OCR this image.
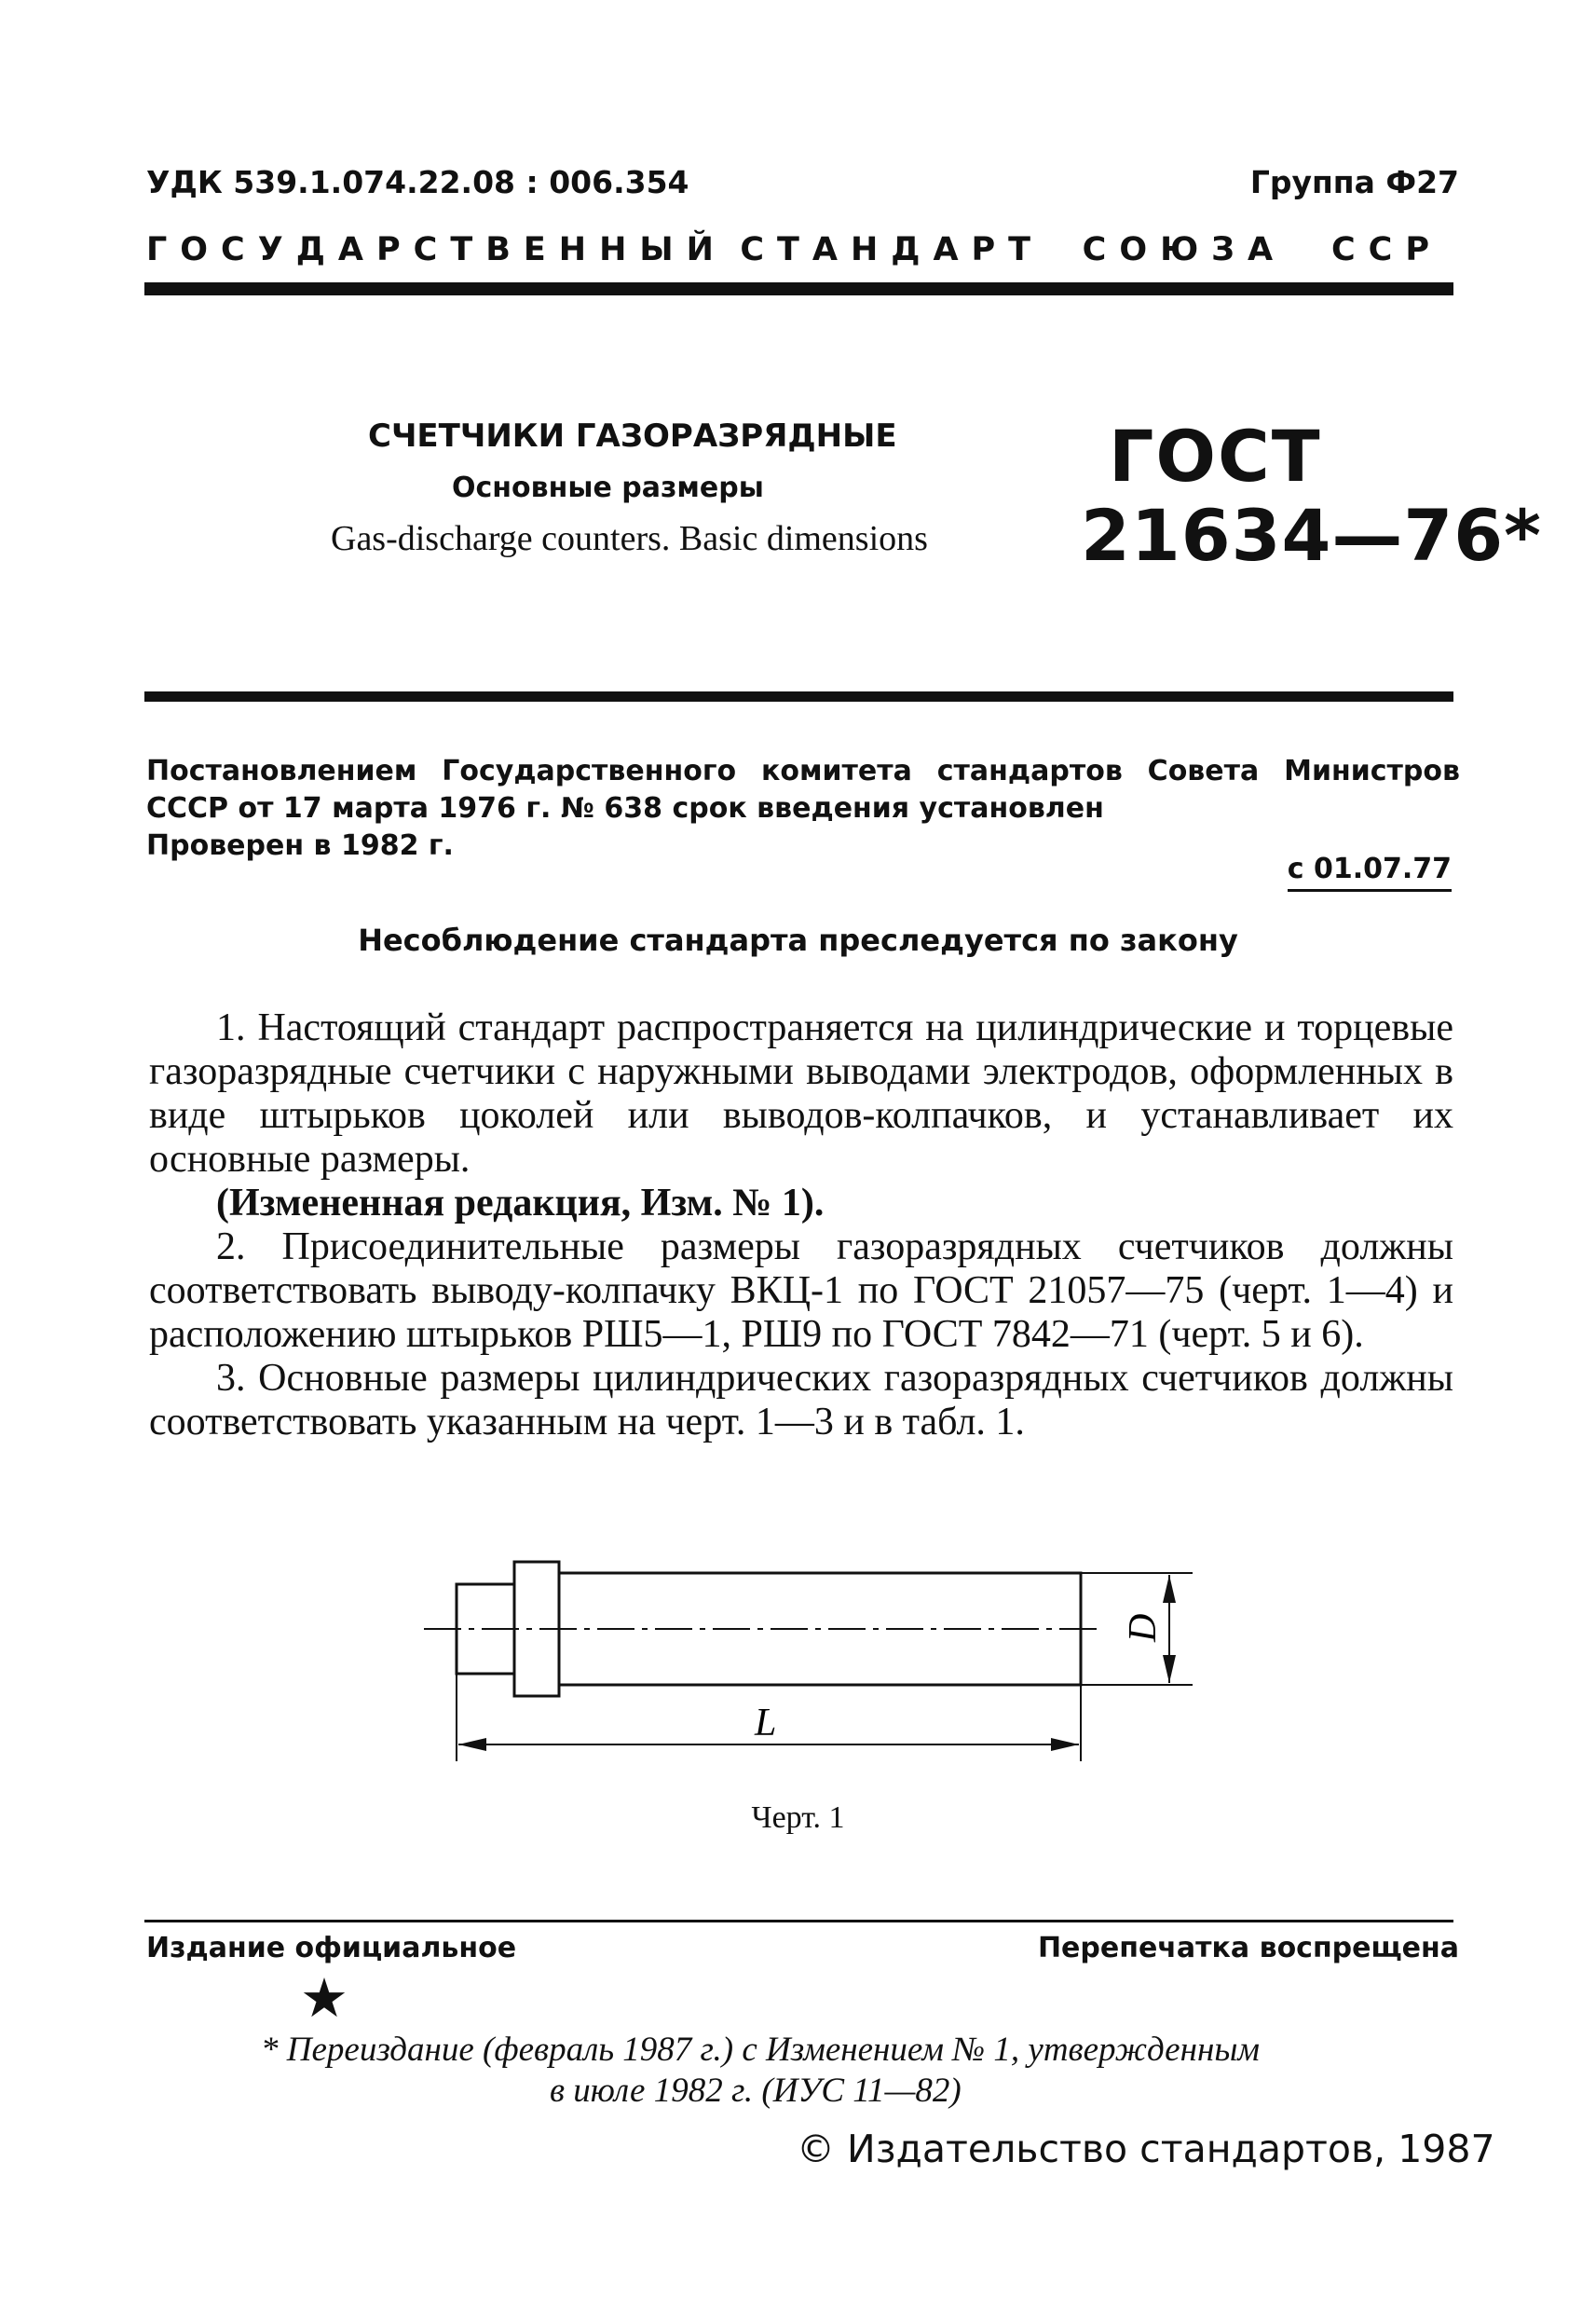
УДК 539.1.074.22.08 : 006.354	Группа Ф27
ГОСУДАРСТВЕННЫЙ СТАНДАРТ СОЮЗА	ССР
СЧЕТЧИКИ ГАЗОРАЗРЯДНЫЕ
Основные размеры
Gas-discharge counters. Basic dimensions
ГОСТ
21634—76*
Постановлением Государственного комитета стандартов Совета Министров
СССР от 17 марта 1976 г. № 638 срок введения установлен
Проверен в 1982 г.
с 01.07.77
Несоблюдение стандарта преследуется по закону

1. Настоящий стандарт распространяется на цилиндрические и торцевые газоразрядные счетчики с наружными выводами электродов, оформленных в виде штырьков цоколей или выводов-колпачков, и устанавливает их основные размеры.

(Измененная редакция, Изм. № 1).

2. Присоединительные размеры газоразрядных счетчиков должны соответствовать выводу-колпачку ВКЦ-1 по ГОСТ 21057—75 (черт. 1—4) и расположению штырьков РШ5—1, РШ9 по ГОСТ 7842—71 (черт. 5 и 6).

3. Основные размеры цилиндрических газоразрядных счетчиков должны соответствовать указанным на черт. 1—3 и в табл. 1.

L
D
Черт. 1
Издание официальное	Перепечатка воспрещена
★
* Переиздание (февраль 1987 г.) с Изменением № 1, утвержденным
в июле 1982 г. (ИУС 11—82)
© Издательство стандартов, 1987
